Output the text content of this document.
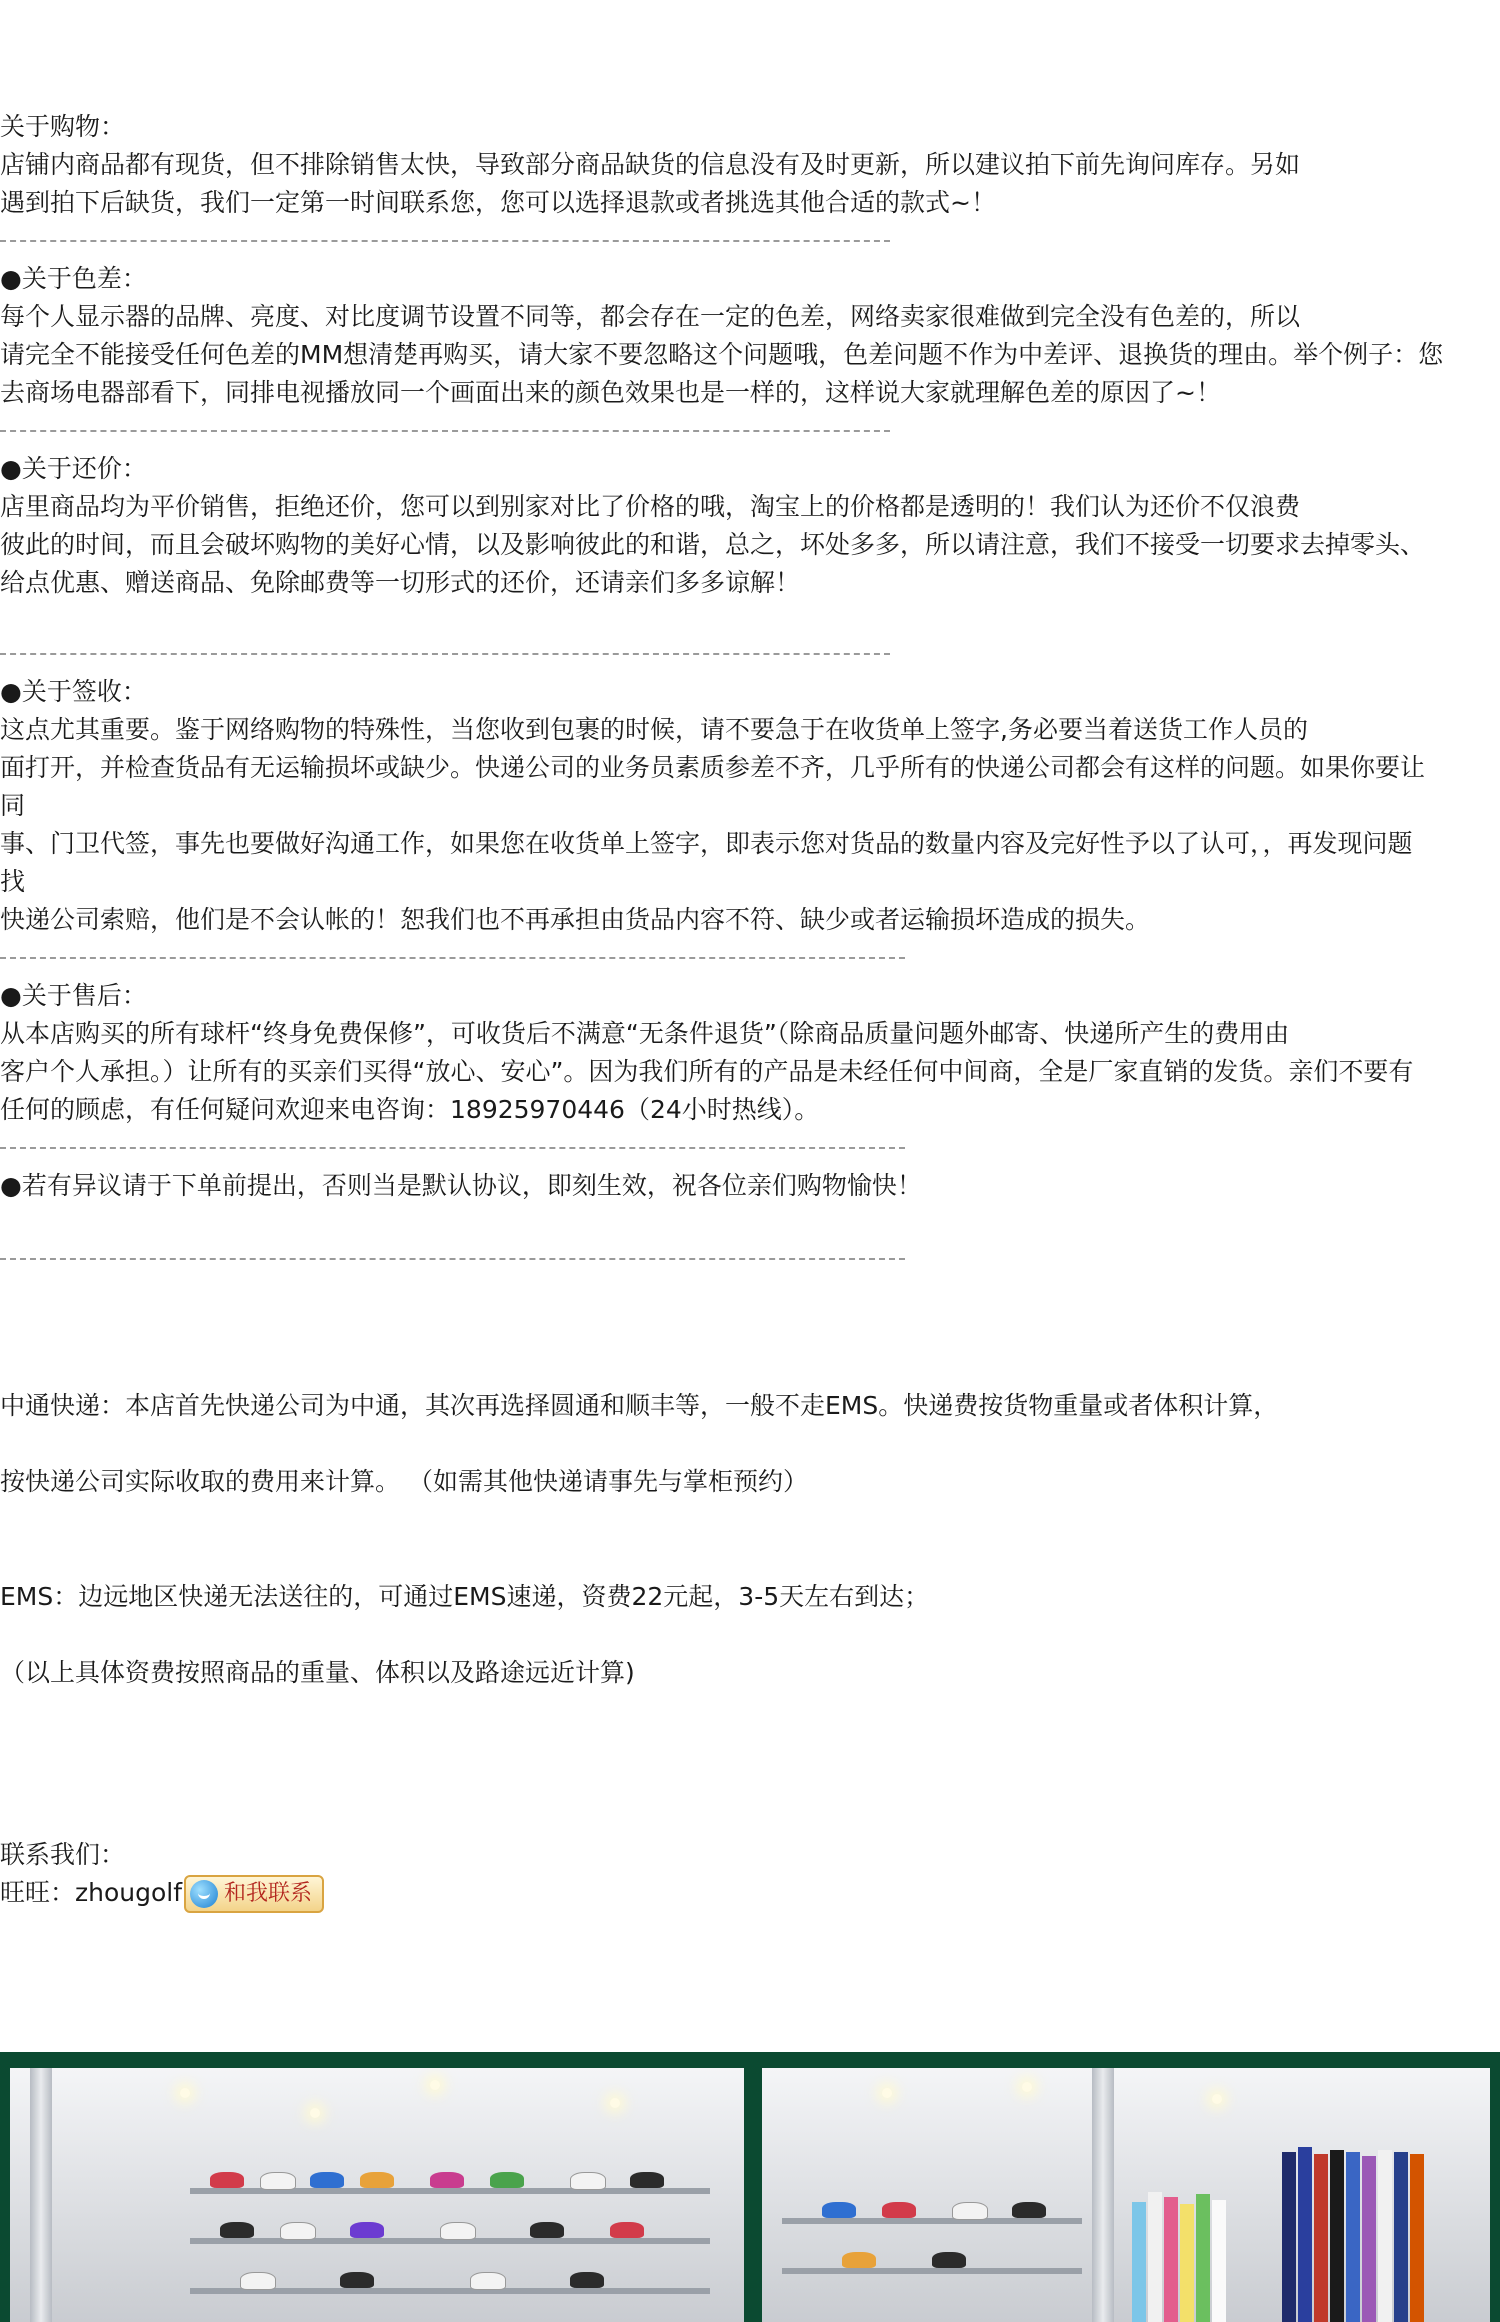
关于购物：
店铺内商品都有现货，但不排除销售太快，导致部分商品缺货的信息没有及时更新，所以建议拍下前先询问库存。另如
遇到拍下后缺货，我们一定第一时间联系您，您可以选择退款或者挑选其他合适的款式~！
●关于色差：
每个人显示器的品牌、亮度、对比度调节设置不同等，都会存在一定的色差，网络卖家很难做到完全没有色差的，所以
请完全不能接受任何色差的MM想清楚再购买，请大家不要忽略这个问题哦，色差问题不作为中差评、退换货的理由。举个例子：您
去商场电器部看下，同排电视播放同一个画面出来的颜色效果也是一样的，这样说大家就理解色差的原因了~！
●关于还价：
店里商品均为平价销售，拒绝还价，您可以到别家对比了价格的哦，淘宝上的价格都是透明的！我们认为还价不仅浪费
彼此的时间，而且会破坏购物的美好心情，以及影响彼此的和谐，总之，坏处多多，所以请注意，我们不接受一切要求去掉零头、
给点优惠、赠送商品、免除邮费等一切形式的还价，还请亲们多多谅解！
●关于签收：
这点尤其重要。鉴于网络购物的特殊性，当您收到包裹的时候，请不要急于在收货单上签字,务必要当着送货工作人员的
面打开，并检查货品有无运输损坏或缺少。快递公司的业务员素质参差不齐，几乎所有的快递公司都会有这样的问题。如果你要让
同
事、门卫代签，事先也要做好沟通工作，如果您在收货单上签字，即表示您对货品的数量内容及完好性予以了认可，，再发现问题
找
快递公司索赔，他们是不会认帐的！恕我们也不再承担由货品内容不符、缺少或者运输损坏造成的损失。
●关于售后：
从本店购买的所有球杆“终身免费保修”，可收货后不满意“无条件退货”（除商品质量问题外邮寄、快递所产生的费用由
客户个人承担。）让所有的买亲们买得“放心、安心”。因为我们所有的产品是未经任何中间商，全是厂家直销的发货。亲们不要有
任何的顾虑，有任何疑问欢迎来电咨询：18925970446（24小时热线）。
●若有异议请于下单前提出，否则当是默认协议，即刻生效，祝各位亲们购物愉快！
中通快递：本店首先快递公司为中通，其次再选择圆通和顺丰等，一般不走EMS。快递费按货物重量或者体积计算，
按快递公司实际收取的费用来计算。 （如需其他快递请事先与掌柜预约）
EMS：边远地区快递无法送往的，可通过EMS速递，资费22元起，3-5天左右到达；
（以上具体资费按照商品的重量、体积以及路途远近计算)
联系我们：
旺旺：zhougolf 和我联系
